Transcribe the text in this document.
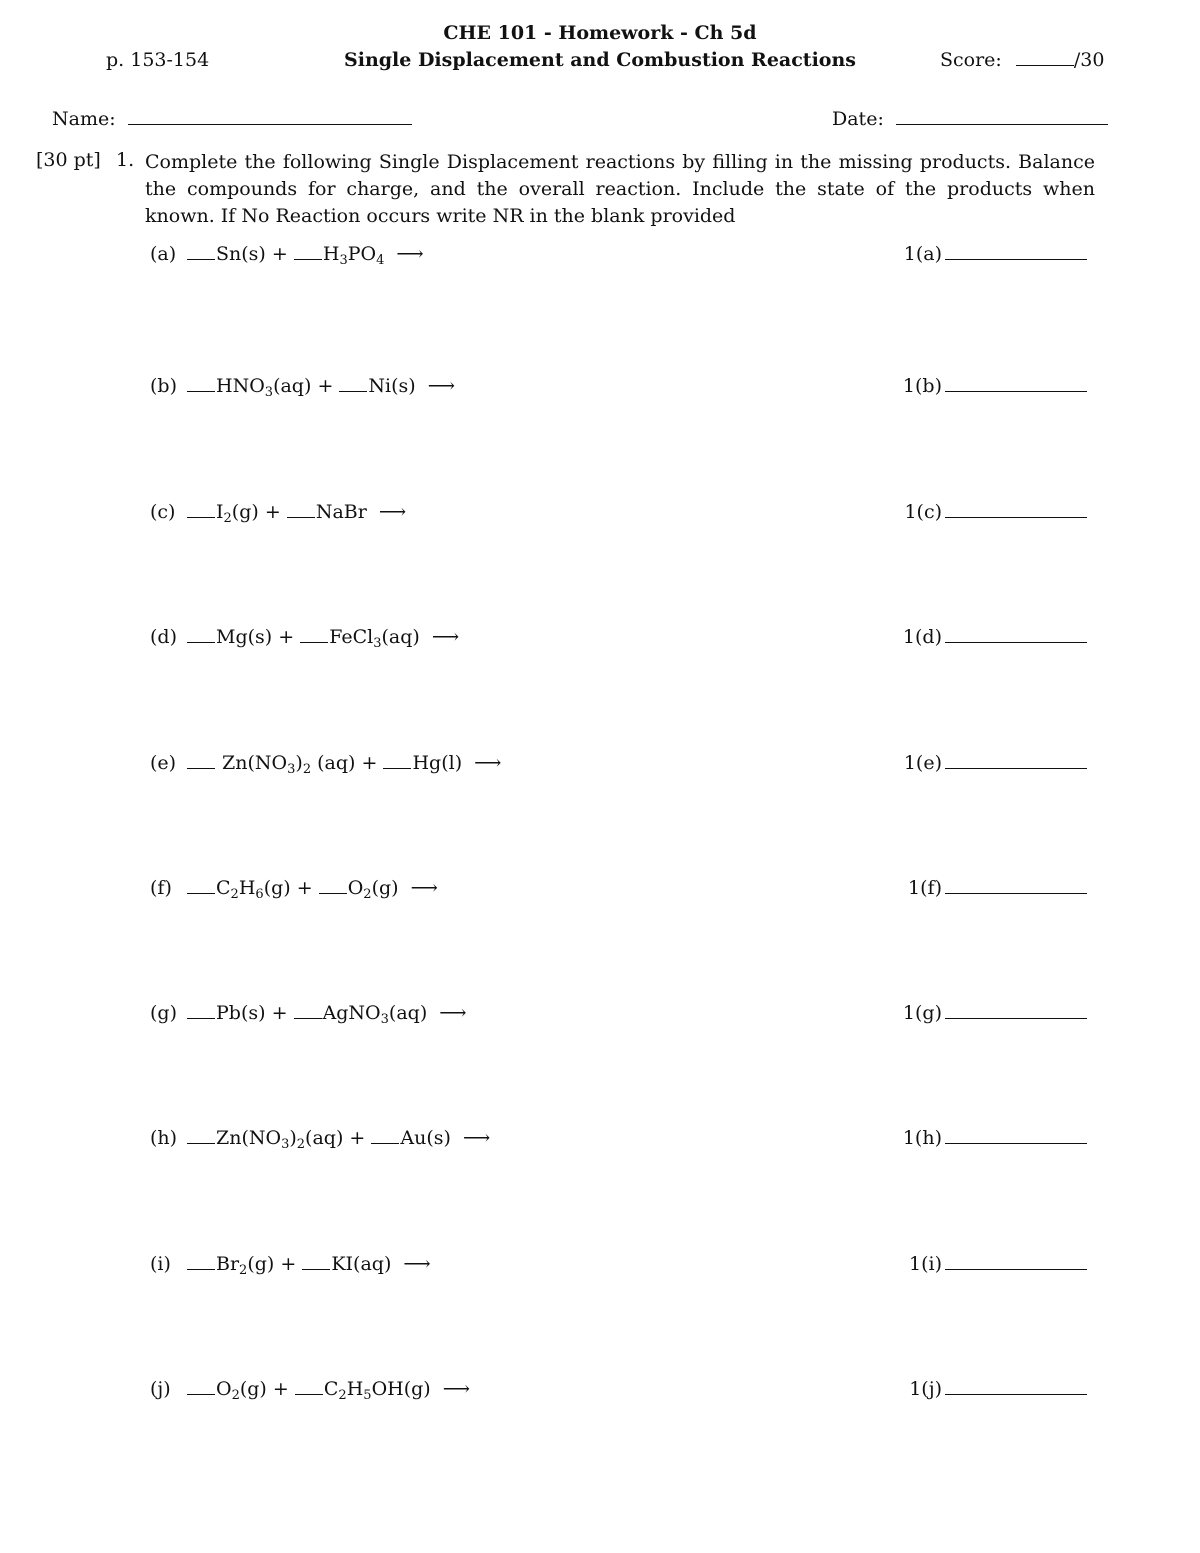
CHE 101 - Homework - Ch 5d
p. 153-154	Single Displacement and Combustion Reactions	Score:	/30
Name:	Date:
[30 pt] 1. Complete the following Single Displacement reactions by filling in the missing products. Balance the compounds for charge, and the overall reaction. Include the state of the products when known. If No Reaction occurs write NR in the blank provided
(a) $Sn(s) + H_3PO_4$ ⟶	1(a)
(b) $HNO_3(aq) + Ni(s)$ ⟶	1(b)
(c) $I_2(g)$ + NaBr ⟶	1(c)
(d) Mg(s) + FeCl$_3$(aq) ⟶	1(d)
(e) $Zn(NO_3)_2$ (aq) + Hg(l) ⟶	1(e)
(f) $C_2H_6(g) + O_2(g)$ ⟶	1(f)
(g) Pb(s) + AgNO$_3$(aq) ⟶	1(g)
(h) $Zn(NO_3)_2(aq) + Au(s)$ ⟶	1(h)
(i) $Br_2(g) + KI(aq)$ ⟶	1(i)
(j) $O_2(g) + C_2H_5OH(g)$ ⟶	1(j)
